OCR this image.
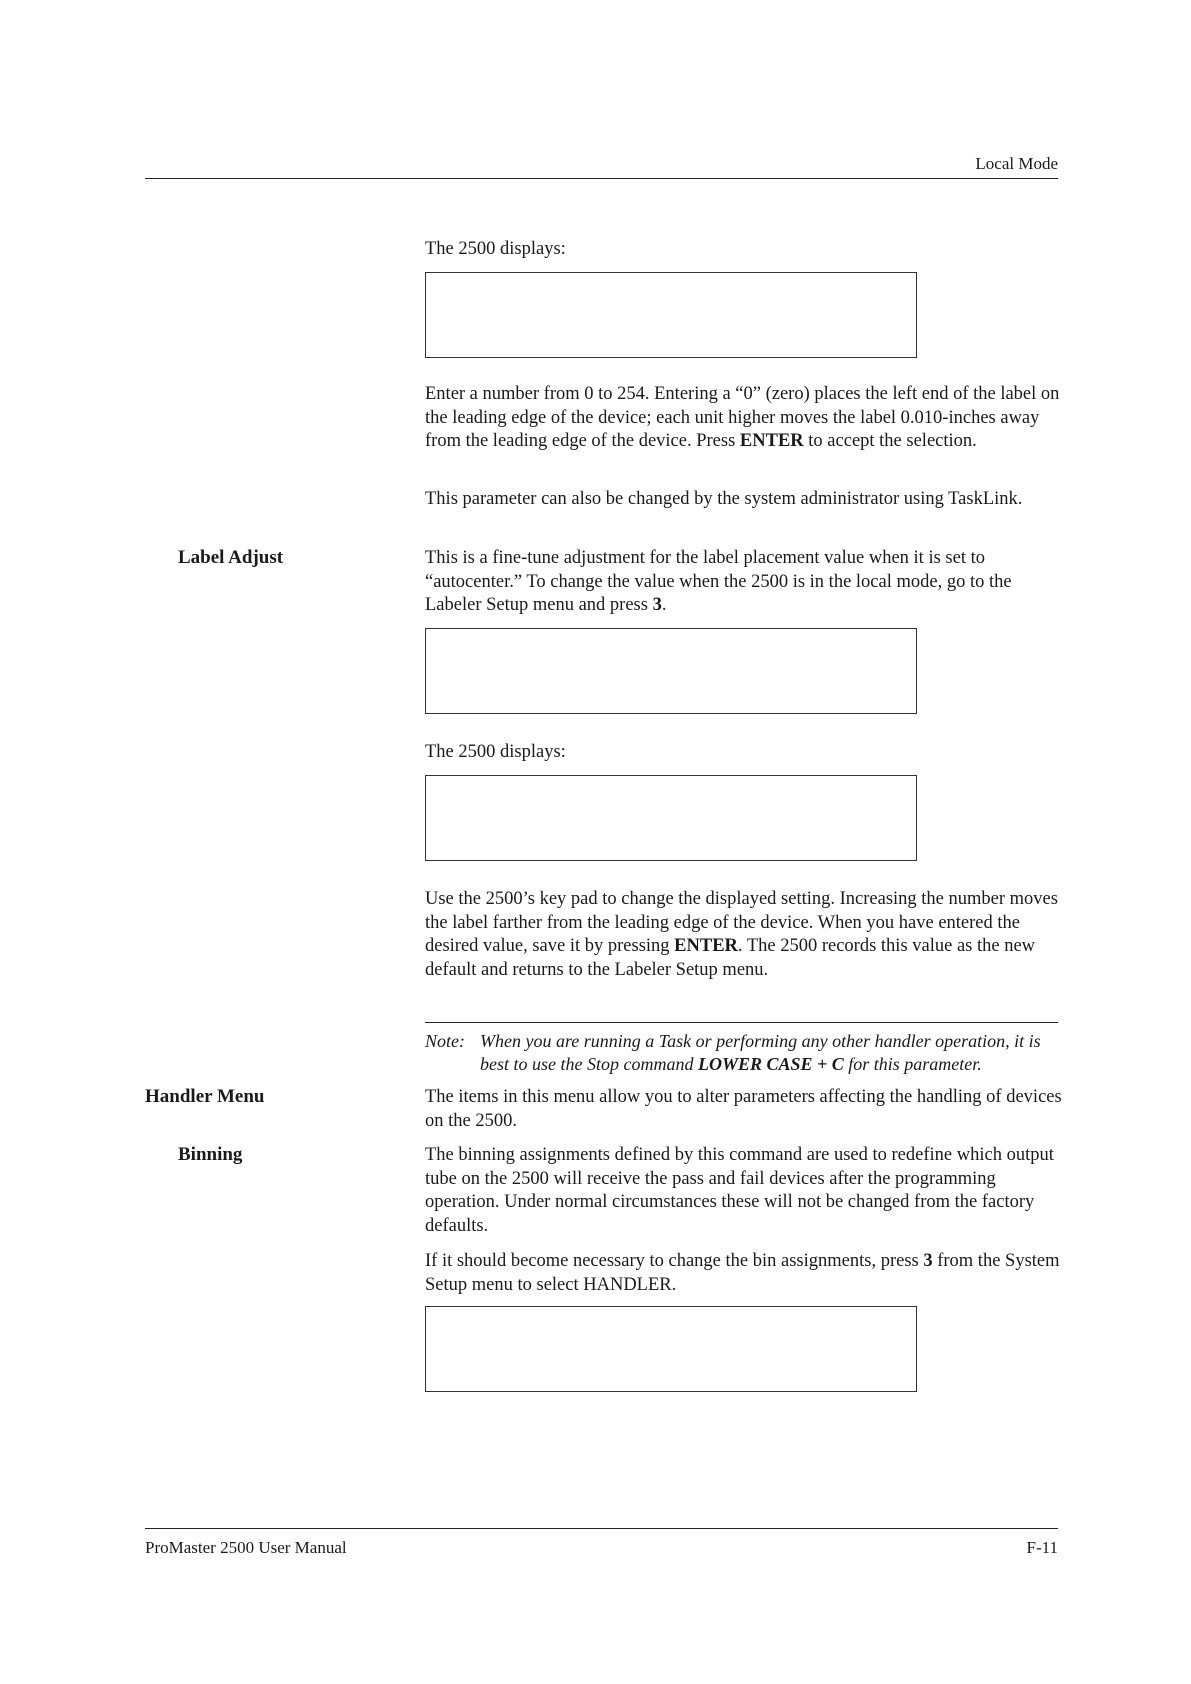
Local Mode
The 2500 displays:
Enter a number from 0 to 254. Entering a “0” (zero) places the left end of the label on the leading edge of the device; each unit higher moves the label 0.010-inches away from the leading edge of the device. Press ENTER to accept the selection.
This parameter can also be changed by the system administrator using TaskLink.
Label Adjust	This is a fine-tune adjustment for the label placement value when it is set to “autocenter.” To change the value when the 2500 is in the local mode, go to the Labeler Setup menu and press 3.
The 2500 displays:
Use the 2500’s key pad to change the displayed setting. Increasing the number moves the label farther from the leading edge of the device. When you have entered the desired value, save it by pressing ENTER. The 2500 records this value as the new default and returns to the Labeler Setup menu.
Note: When you are running a Task or performing any other handler operation, it is best to use the Stop command LOWER CASE + C for this parameter.
Handler Menu	The items in this menu allow you to alter parameters affecting the handling of devices on the 2500.
Binning	The binning assignments defined by this command are used to redefine which output tube on the 2500 will receive the pass and fail devices after the programming operation. Under normal circumstances these will not be changed from the factory defaults.
If it should become necessary to change the bin assignments, press 3 from the System Setup menu to select HANDLER.
ProMaster 2500 User Manual	F-11
